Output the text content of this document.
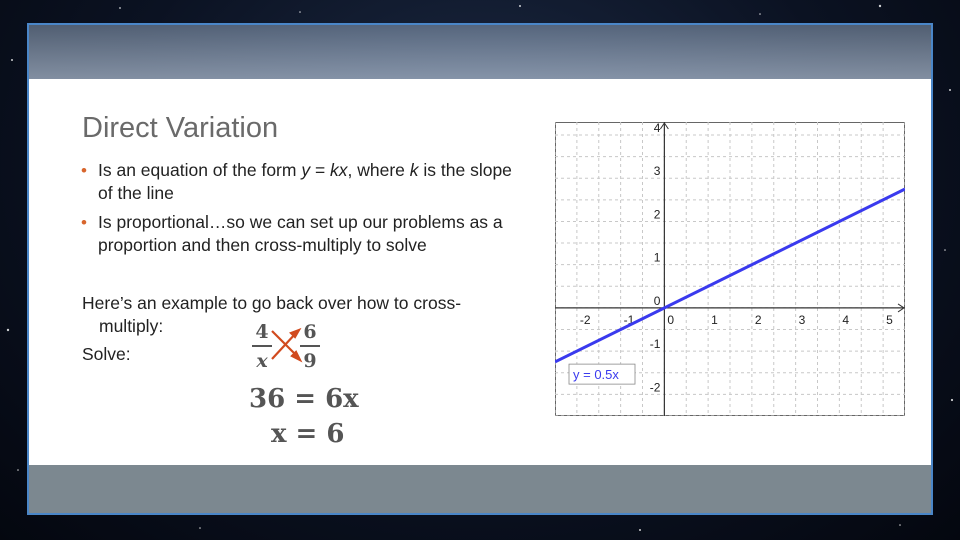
Direct Variation
• Is an equation of the form y = kx, where k is the slope of the line
• Is proportional…so we can set up our problems as a proportion and then cross-multiply to solve
Here’s an example to go back over how to cross-
multiply:
Solve:
4
x
6
9
36 = 6x
x = 6
-2	-1	0	1	2	3	4	5
-2
-1
0
1
2
3
4
y = 0.5x
